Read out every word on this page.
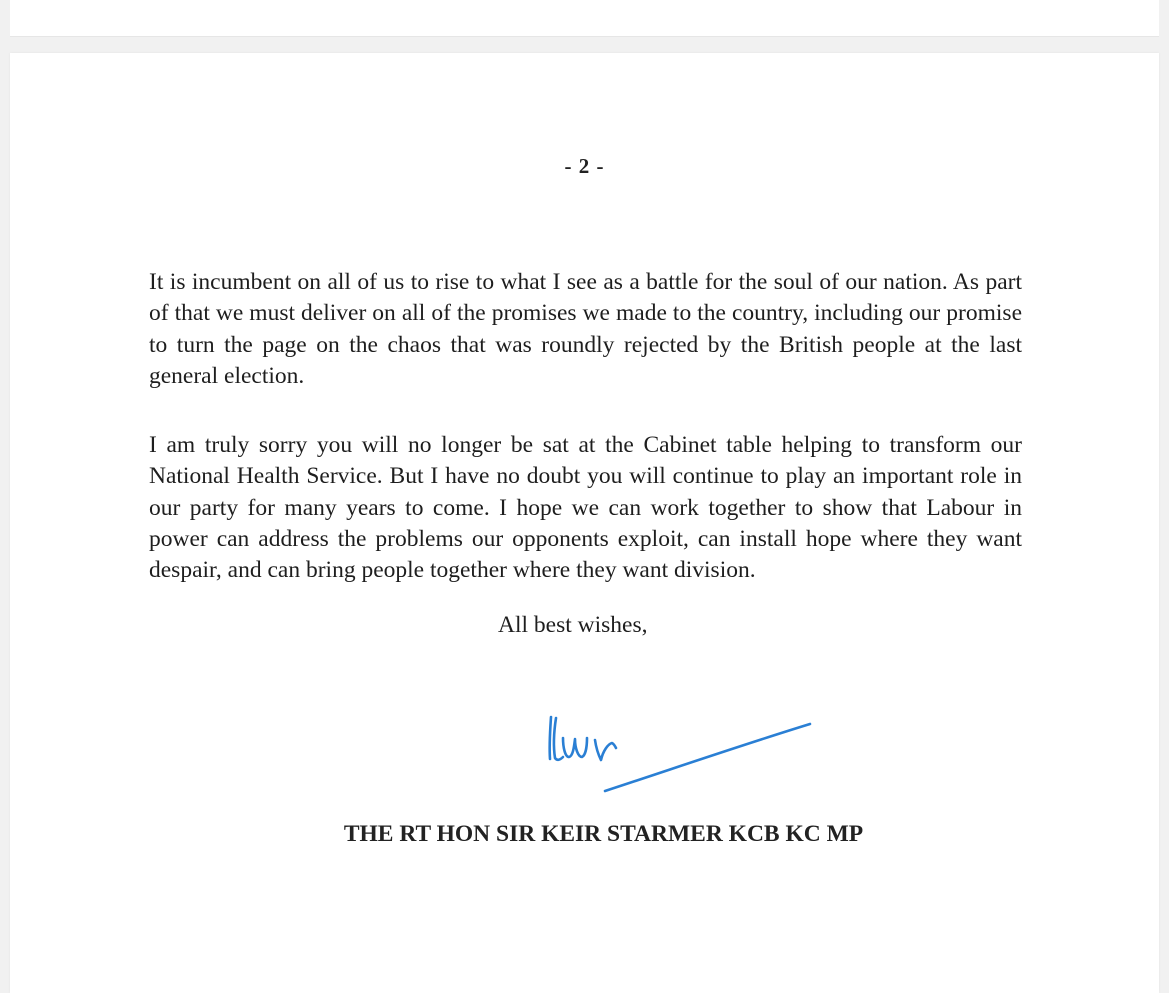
- 2 -

It is incumbent on all of us to rise to what I see as a battle for the soul of our nation. As part of that we must deliver on all of the promises we made to the country, including our promise to turn the page on the chaos that was roundly rejected by the British people at the last general election.

I am truly sorry you will no longer be sat at the Cabinet table helping to transform our National Health Service. But I have no doubt you will continue to play an important role in our party for many years to come. I hope we can work together to show that Labour in power can address the problems our opponents exploit, can install hope where they want despair, and can bring people together where they want division.

All best wishes,
THE RT HON SIR KEIR STARMER KCB KC MP
